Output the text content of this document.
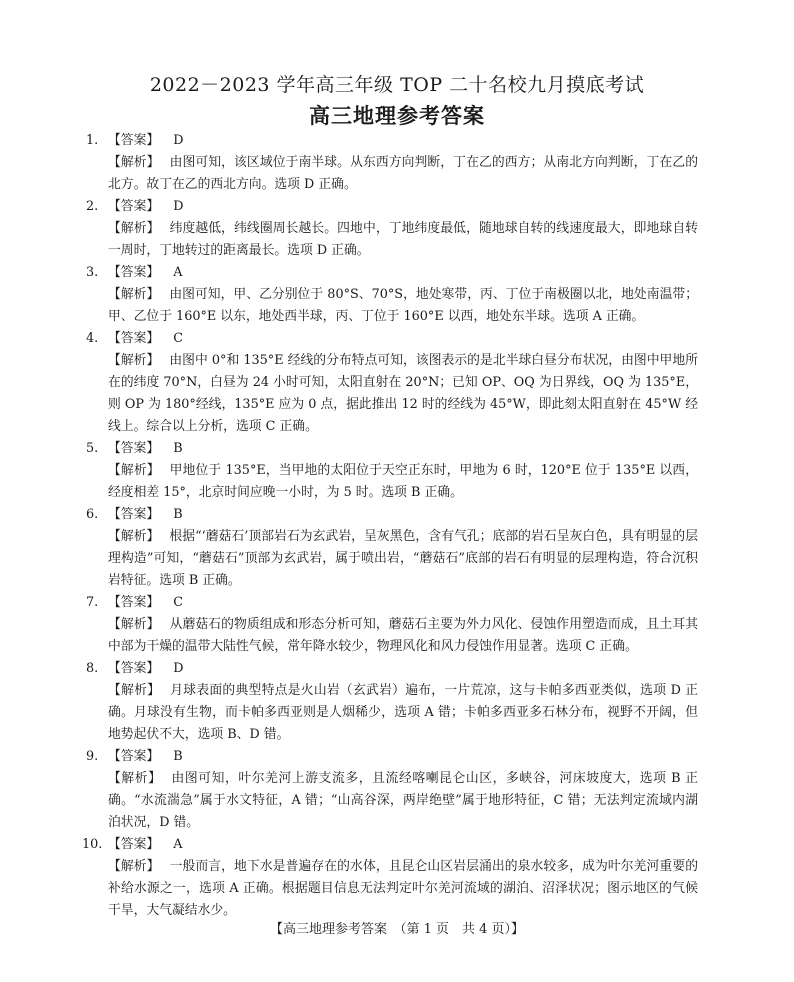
2022－2023 学年高三年级 TOP 二十名校九月摸底考试
高三地理参考答案
1. 【答案】 D
【解析】 由图可知，该区域位于南半球。从东西方向判断，丁在乙的西方；从南北方向判断，丁在乙的北方。故丁在乙的西北方向。选项 D 正确。
2. 【答案】 D
【解析】 纬度越低，纬线圈周长越长。四地中，丁地纬度最低，随地球自转的线速度最大，即地球自转一周时，丁地转过的距离最长。选项 D 正确。
3. 【答案】 A
【解析】 由图可知，甲、乙分别位于 80°S、70°S，地处寒带，丙、丁位于南极圈以北，地处南温带；甲、乙位于 160°E 以东，地处西半球，丙、丁位于 160°E 以西，地处东半球。选项 A 正确。
4. 【答案】 C
【解析】 由图中 0°和 135°E 经线的分布特点可知，该图表示的是北半球白昼分布状况，由图中甲地所在的纬度 70°N，白昼为 24 小时可知，太阳直射在 20°N；已知 OP、OQ 为日界线，OQ 为 135°E，则 OP 为 180°经线，135°E 应为 0 点，据此推出 12 时的经线为 45°W，即此刻太阳直射在 45°W 经线上。综合以上分析，选项 C 正确。
5. 【答案】 B
【解析】 甲地位于 135°E，当甲地的太阳位于天空正东时，甲地为 6 时，120°E 位于 135°E 以西，经度相差 15°，北京时间应晚一小时，为 5 时。选项 B 正确。
6. 【答案】 B
【解析】 根据“‘蘑菇石’顶部岩石为玄武岩，呈灰黑色，含有气孔；底部的岩石呈灰白色，具有明显的层理构造”可知，“蘑菇石”顶部为玄武岩，属于喷出岩，“蘑菇石”底部的岩石有明显的层理构造，符合沉积岩特征。选项 B 正确。
7. 【答案】 C
【解析】 从蘑菇石的物质组成和形态分析可知，蘑菇石主要为外力风化、侵蚀作用塑造而成，且土耳其中部为干燥的温带大陆性气候，常年降水较少，物理风化和风力侵蚀作用显著。选项 C 正确。
8. 【答案】 D
【解析】 月球表面的典型特点是火山岩（玄武岩）遍布，一片荒凉，这与卡帕多西亚类似，选项 D 正确。月球没有生物，而卡帕多西亚则是人烟稀少，选项 A 错；卡帕多西亚多石林分布，视野不开阔，但地势起伏不大，选项 B、D 错。
9. 【答案】 B
【解析】 由图可知，叶尔羌河上游支流多，且流经喀喇昆仑山区，多峡谷，河床坡度大，选项 B 正确。“水流湍急”属于水文特征，A 错；“山高谷深，两岸绝壁”属于地形特征，C 错；无法判定流域内湖泊状况，D 错。
10. 【答案】 A
【解析】 一般而言，地下水是普遍存在的水体，且昆仑山区岩层涌出的泉水较多，成为叶尔羌河重要的补给水源之一，选项 A 正确。根据题目信息无法判定叶尔羌河流域的湖泊、沼泽状况；图示地区的气候干旱，大气凝结水少。
【高三地理参考答案　（第 1 页　共 4 页）】
